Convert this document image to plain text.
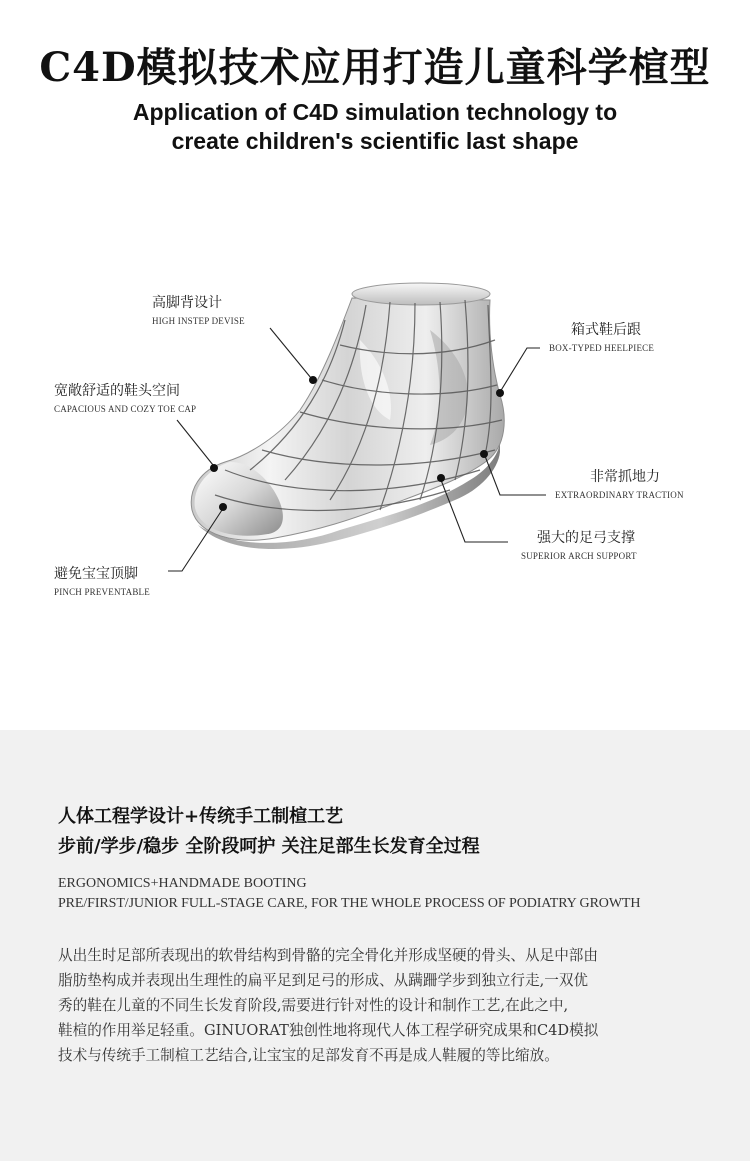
C4D模拟技术应用打造儿童科学楦型
Application of C4D simulation technology to
create children's scientific last shape
高脚背设计
HIGH INSTEP DEVISE
宽敞舒适的鞋头空间
CAPACIOUS AND COZY TOE CAP
避免宝宝顶脚
PINCH PREVENTABLE
箱式鞋后跟
BOX-TYPED HEELPIECE
非常抓地力
EXTRAORDINARY TRACTION
强大的足弓支撑
SUPERIOR ARCH SUPPORT
人体工程学设计+传统手工制楦工艺
步前/学步/稳步 全阶段呵护 关注足部生长发育全过程
ERGONOMICS+HANDMADE BOOTING
PRE/FIRST/JUNIOR FULL-STAGE CARE, FOR THE WHOLE PROCESS OF PODIATRY GROWTH
从出生时足部所表现出的软骨结构到骨骼的完全骨化并形成坚硬的骨头、从足中部由
脂肪垫构成并表现出生理性的扁平足到足弓的形成、从蹒跚学步到独立行走,一双优
秀的鞋在儿童的不同生长发育阶段,需要进行针对性的设计和制作工艺,在此之中,
鞋楦的作用举足轻重。GINUORAT独创性地将现代人体工程学研究成果和C4D模拟
技术与传统手工制楦工艺结合,让宝宝的足部发育不再是成人鞋履的等比缩放。
